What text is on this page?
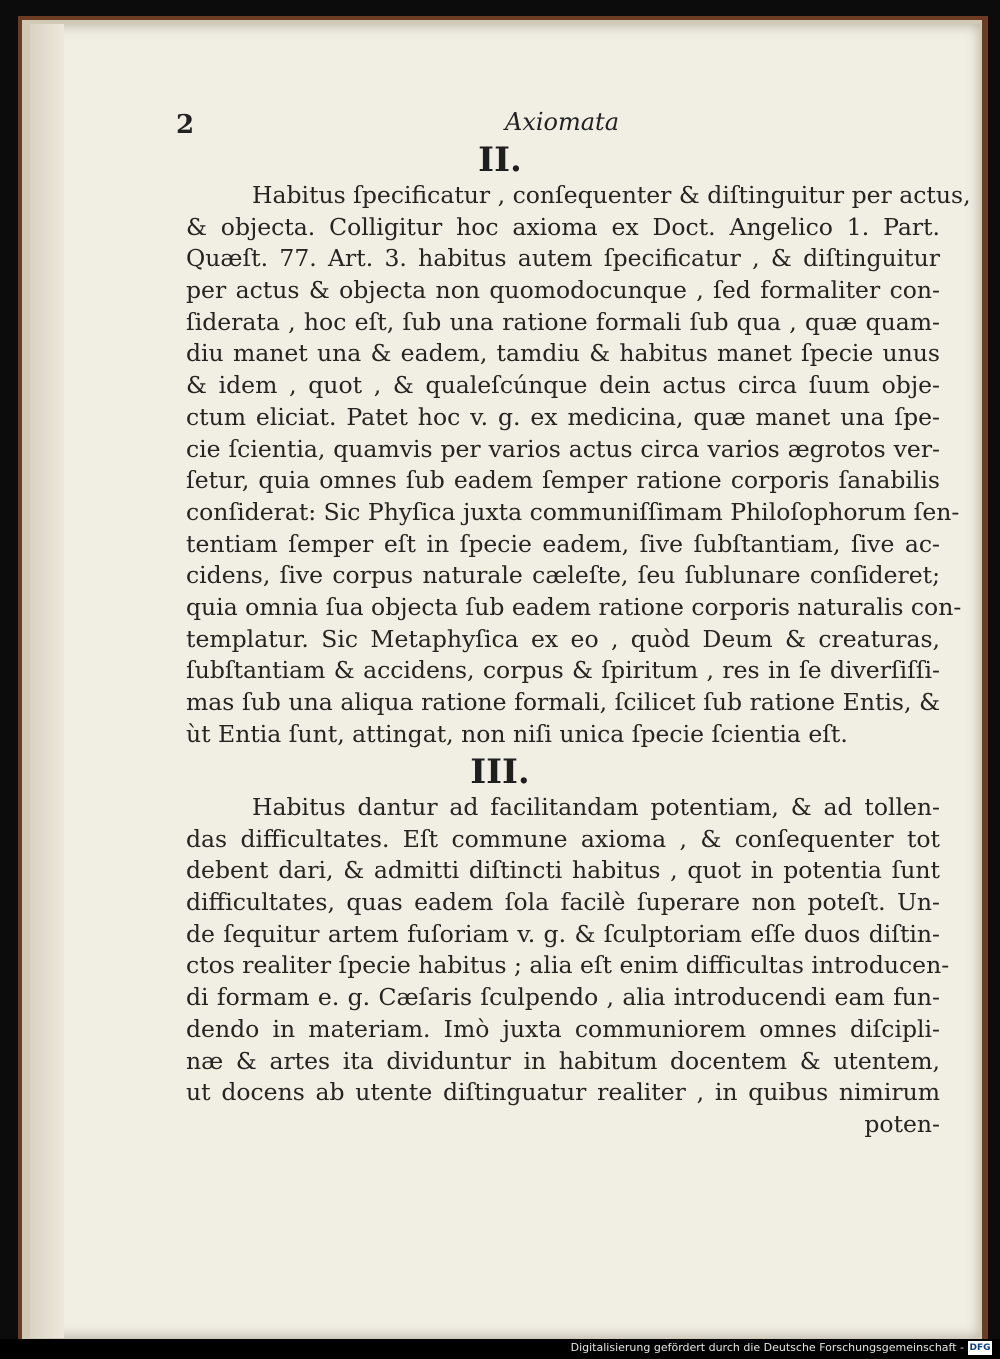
2	Axiomata
II.
Habitus ſpecificatur , conſequenter & diſtinguitur per actus,
& objecta. Colligitur hoc axioma ex Doct. Angelico 1. Part.
Quæſt. 77. Art. 3. habitus autem ſpecificatur , & diſtinguitur
per actus & objecta non quomodocunque , ſed formaliter con-
ſiderata , hoc eſt, ſub una ratione formali ſub qua , quæ quam-
diu manet una & eadem, tamdiu & habitus manet ſpecie unus
& idem , quot , & qualeſcúnque dein actus circa ſuum obje-
ctum eliciat. Patet hoc v. g. ex medicina, quæ manet una ſpe-
cie ſcientia, quamvis per varios actus circa varios ægrotos ver-
ſetur, quia omnes ſub eadem ſemper ratione corporis ſanabilis
conſiderat: Sic Phyſica juxta communiſſimam Philoſophorum ſen-
tentiam ſemper eſt in ſpecie eadem, ſive ſubſtantiam, ſive ac-
cidens, ſive corpus naturale cæleſte, ſeu ſublunare conſideret;
quia omnia ſua objecta ſub eadem ratione corporis naturalis con-
templatur. Sic Metaphyſica ex eo , quòd Deum & creaturas,
ſubſtantiam & accidens, corpus & ſpiritum , res in ſe diverſiſſi-
mas ſub una aliqua ratione formali, ſcilicet ſub ratione Entis, &
ùt Entia ſunt, attingat, non niſi unica ſpecie ſcientia eſt.
III.
Habitus dantur ad facilitandam potentiam, & ad tollen-
das difficultates. Eſt commune axioma , & conſequenter tot
debent dari, & admitti diſtincti habitus , quot in potentia ſunt
difficultates, quas eadem ſola facilè ſuperare non poteſt. Un-
de ſequitur artem fuſoriam v. g. & ſculptoriam eſſe duos diſtin-
ctos realiter ſpecie habitus ; alia eſt enim difficultas introducen-
di formam e. g. Cæſaris ſculpendo , alia introducendi eam fun-
dendo in materiam. Imò juxta communiorem omnes diſcipli-
næ & artes ita dividuntur in habitum docentem & utentem,
ut docens ab utente diſtinguatur realiter , in quibus nimirum
poten-
Digitalisierung gefördert durch die Deutsche Forschungsgemeinschaft - DFG
